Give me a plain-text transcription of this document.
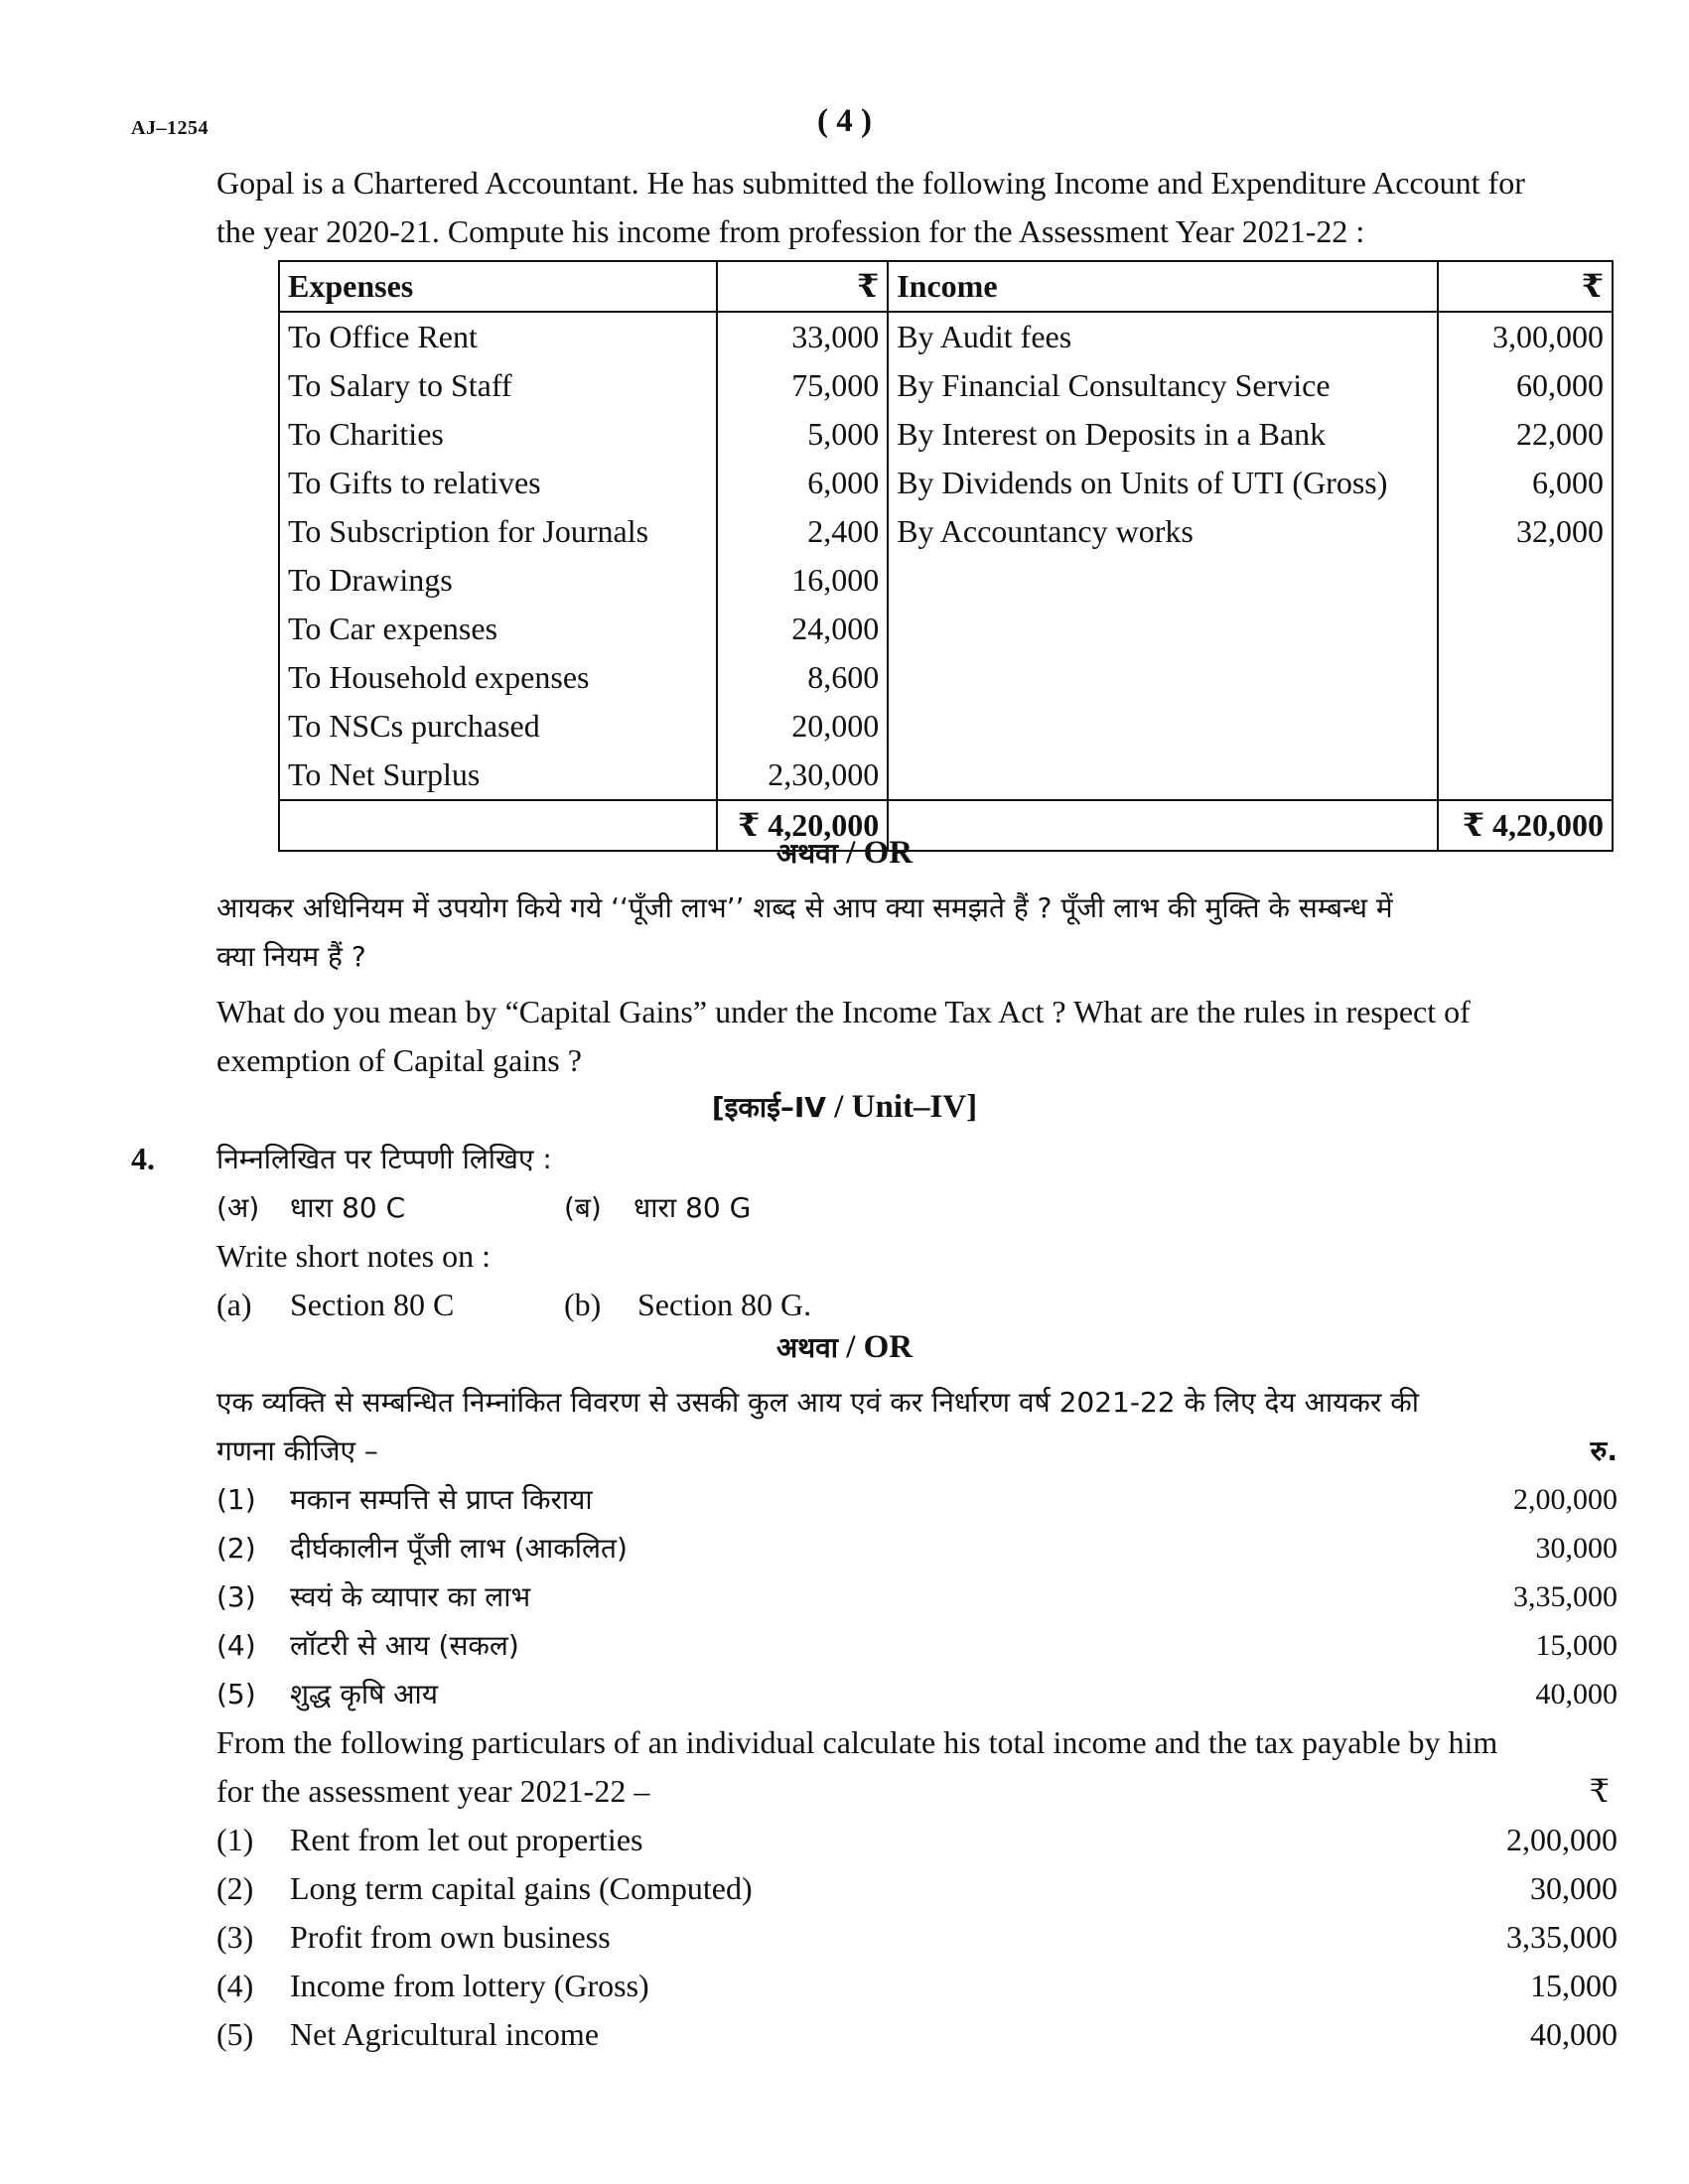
AJ–1254	( 4 )
Gopal is a Chartered Accountant. He has submitted the following Income and Expenditure Account for
the year 2020-21. Compute his income from profession for the Assessment Year 2021-22 :
Expenses	₹	Income	₹
To Office Rent	33,000	By Audit fees	3,00,000
To Salary to Staff	75,000	By Financial Consultancy Service	60,000
To Charities	5,000	By Interest on Deposits in a Bank	22,000
To Gifts to relatives	6,000	By Dividends on Units of UTI (Gross)	6,000
To Subscription for Journals	2,400	By Accountancy works	32,000
To Drawings	16,000		
To Car expenses	24,000		
To Household expenses	8,600		
To NSCs purchased	20,000		
To Net Surplus	2,30,000		
	₹ 4,20,000		₹ 4,20,000
अथवा / OR
आयकर अधिनियम में उपयोग किये गये ‘‘पूँजी लाभ’’ शब्द से आप क्या समझते हैं ? पूँजी लाभ की मुक्ति के सम्बन्ध में
क्या नियम हैं ?
What do you mean by “Capital Gains” under the Income Tax Act ? What are the rules in respect of
exemption of Capital gains ?
[इकाई–IV / Unit–IV]
4. निम्नलिखित पर टिप्पणी लिखिए :
(अ) धारा 80 C	(ब) धारा 80 G
Write short notes on :
(a) Section 80 C	(b) Section 80 G.
अथवा / OR
एक व्यक्ति से सम्बन्धित निम्नांकित विवरण से उसकी कुल आय एवं कर निर्धारण वर्ष 2021-22 के लिए देय आयकर की
गणना कीजिए –	रु.
(1) मकान सम्पत्ति से प्राप्त किराया	2,00,000
(2) दीर्घकालीन पूँजी लाभ (आकलित)	30,000
(3) स्वयं के व्यापार का लाभ	3,35,000
(4) लॉटरी से आय (सकल)	15,000
(5) शुद्ध कृषि आय	40,000
From the following particulars of an individual calculate his total income and the tax payable by him
for the assessment year 2021-22 –	₹
(1) Rent from let out properties	2,00,000
(2) Long term capital gains (Computed)	30,000
(3) Profit from own business	3,35,000
(4) Income from lottery (Gross)	15,000
(5) Net Agricultural income	40,000
